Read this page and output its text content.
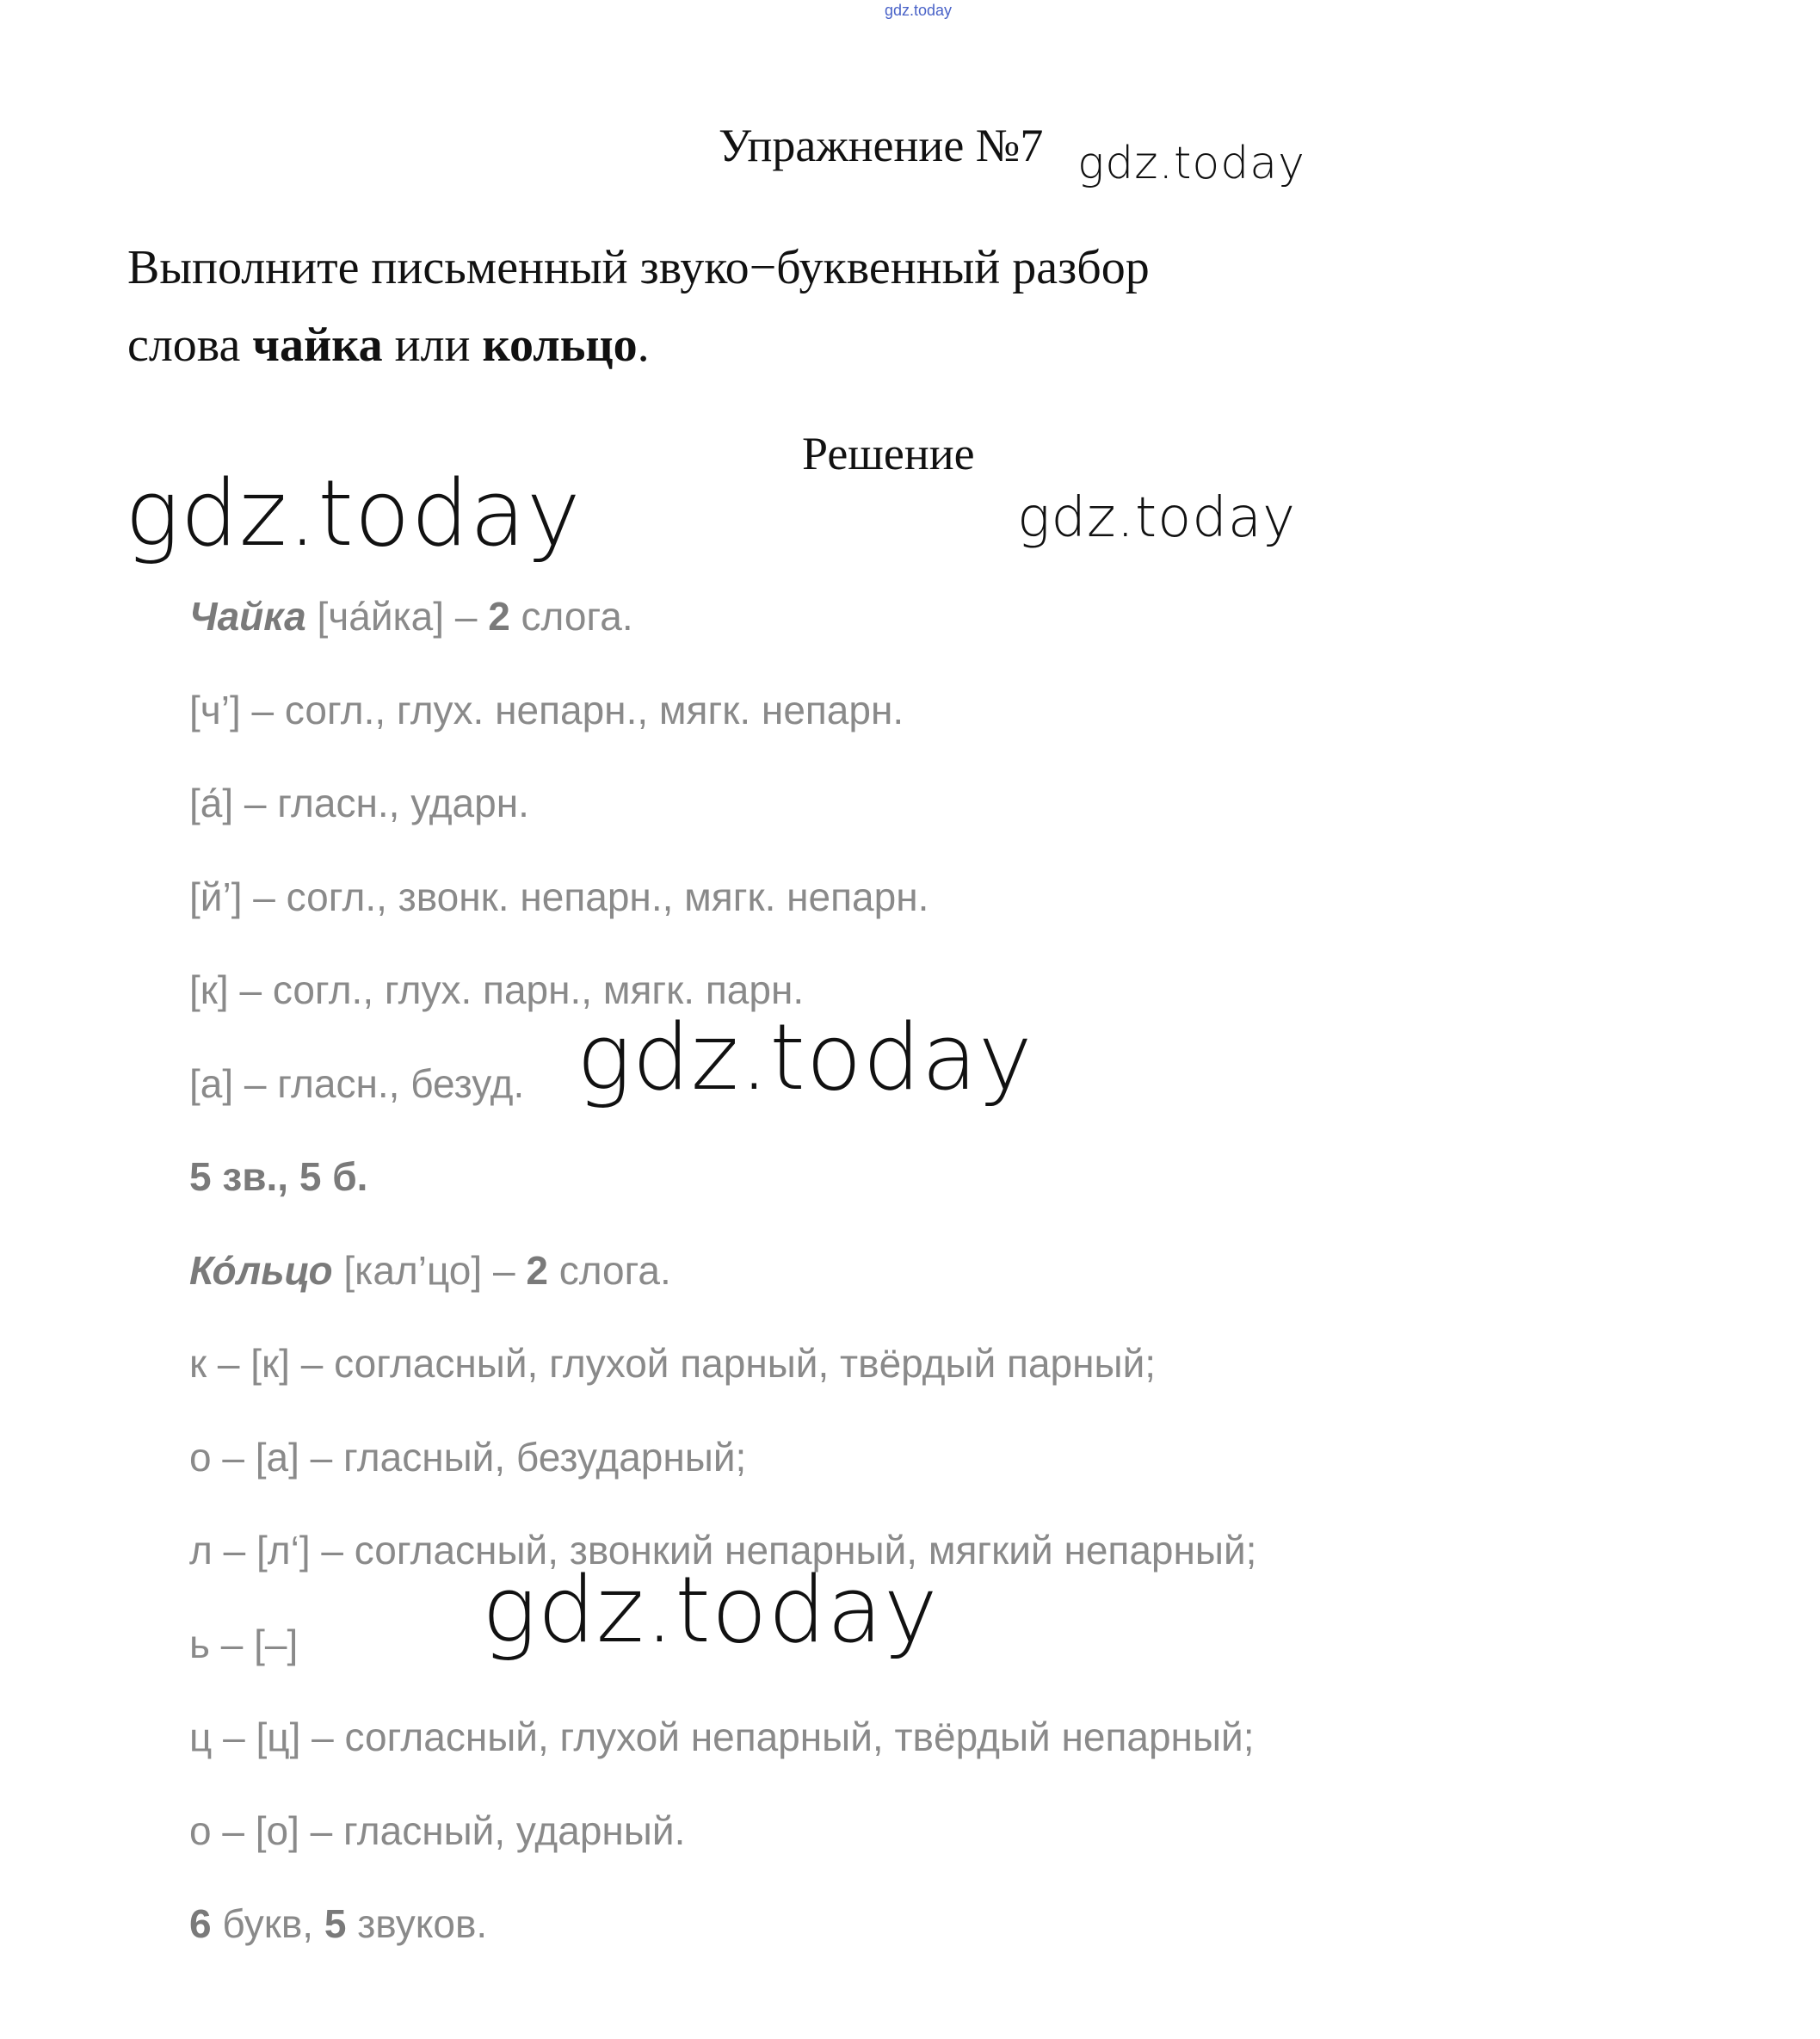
gdz.today
Упражнение №7 gdz.today
Выполните письменный звуко−буквенный разбор
слова чайка или кольцо.
Решение
gdz.today	gdz.today
Чайка [ча́йка] – 2 слога.
[ч’] – согл., глух. непарн., мягк. непарн.
[а́] – гласн., ударн.
[й’] – согл., звонк. непарн., мягк. непарн.
[к] – согл., глух. парн., мягк. парн.
[а] – гласн., безуд.
5 зв., 5 б.
Ко́льцо [кал’цо] – 2 слога.
к – [к] – согласный, глухой парный, твёрдый парный;
о – [а] – гласный, безударный;
л – [л‘] – согласный, звонкий непарный, мягкий непарный;
ь – [–]
ц – [ц] – согласный, глухой непарный, твёрдый непарный;
о – [о] – гласный, ударный.
6 букв, 5 звуков.
gdz.today
gdz.today
